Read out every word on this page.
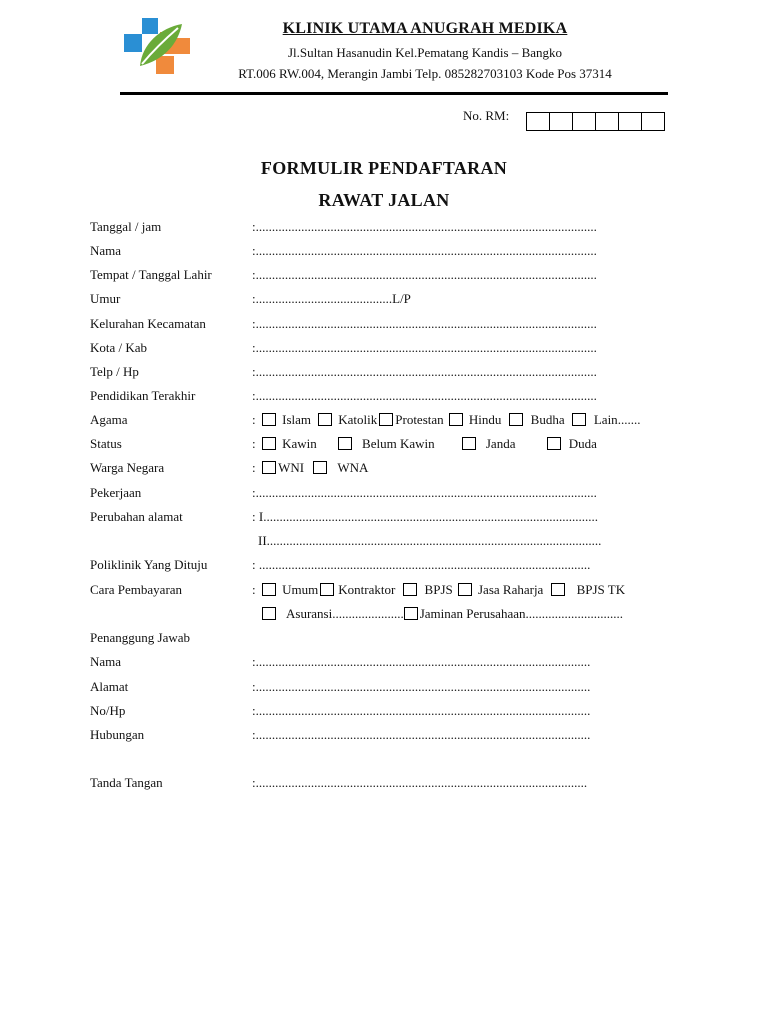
KLINIK UTAMA ANUGRAH MEDIKA
Jl.Sultan Hasanudin Kel.Pematang Kandis – Bangko
RT.006 RW.004, Merangin Jambi Telp. 085282703103 Kode Pos 37314
No. RM:
FORMULIR PENDAFTARAN
RAWAT JALAN
Tanggal / jam	:.........................................................................................................
Nama	:.........................................................................................................
Tempat / Tanggal Lahir	:.........................................................................................................
Umur	:..........................................L/P
Kelurahan Kecamatan	:.........................................................................................................
Kota / Kab	:.........................................................................................................
Telp / Hp	:.........................................................................................................
Pendidikan Terakhir	:.........................................................................................................
Agama	:  Islam Katolik Protestan Hindu Budha Lain.......
Status	:  Kawin	Belum Kawin	Janda	Duda
Warga Negara	:  WNI	WNA
Pekerjaan	:.........................................................................................................
Perubahan alamat	: I.......................................................................................................
II.......................................................................................................
Poliklinik Yang Dituju	: ......................................................................................................
Cara Pembayaran	:  Umum Kontraktor BPJS Jasa Raharja	BPJS TK
Asuransi...................... Jaminan Perusahaan..............................
Penanggung Jawab
Nama	:.......................................................................................................
Alamat	:.......................................................................................................
No/Hp	:.......................................................................................................
Hubungan	:.......................................................................................................
Tanda Tangan	:......................................................................................................
